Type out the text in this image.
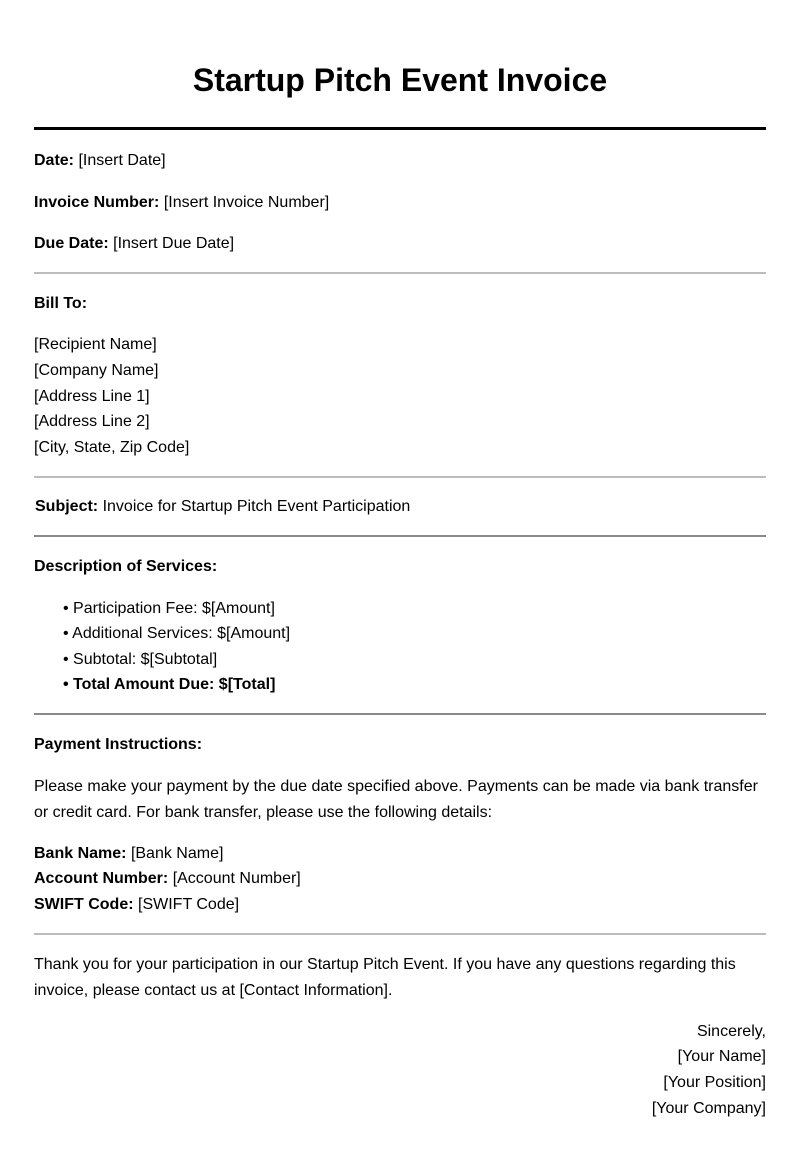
Startup Pitch Event Invoice
Date: [Insert Date]
Invoice Number: [Insert Invoice Number]
Due Date: [Insert Due Date]
Bill To:
[Recipient Name]
[Company Name]
[Address Line 1]
[Address Line 2]
[City, State, Zip Code]
Subject: Invoice for Startup Pitch Event Participation
Description of Services:
• Participation Fee: $[Amount]
• Additional Services: $[Amount]
• Subtotal: $[Subtotal]
• Total Amount Due: $[Total]
Payment Instructions:
Please make your payment by the due date specified above. Payments can be made via bank transfer or credit card. For bank transfer, please use the following details:
Bank Name: [Bank Name]
Account Number: [Account Number]
SWIFT Code: [SWIFT Code]
Thank you for your participation in our Startup Pitch Event. If you have any questions regarding this invoice, please contact us at [Contact Information].
Sincerely,
[Your Name]
[Your Position]
[Your Company]
